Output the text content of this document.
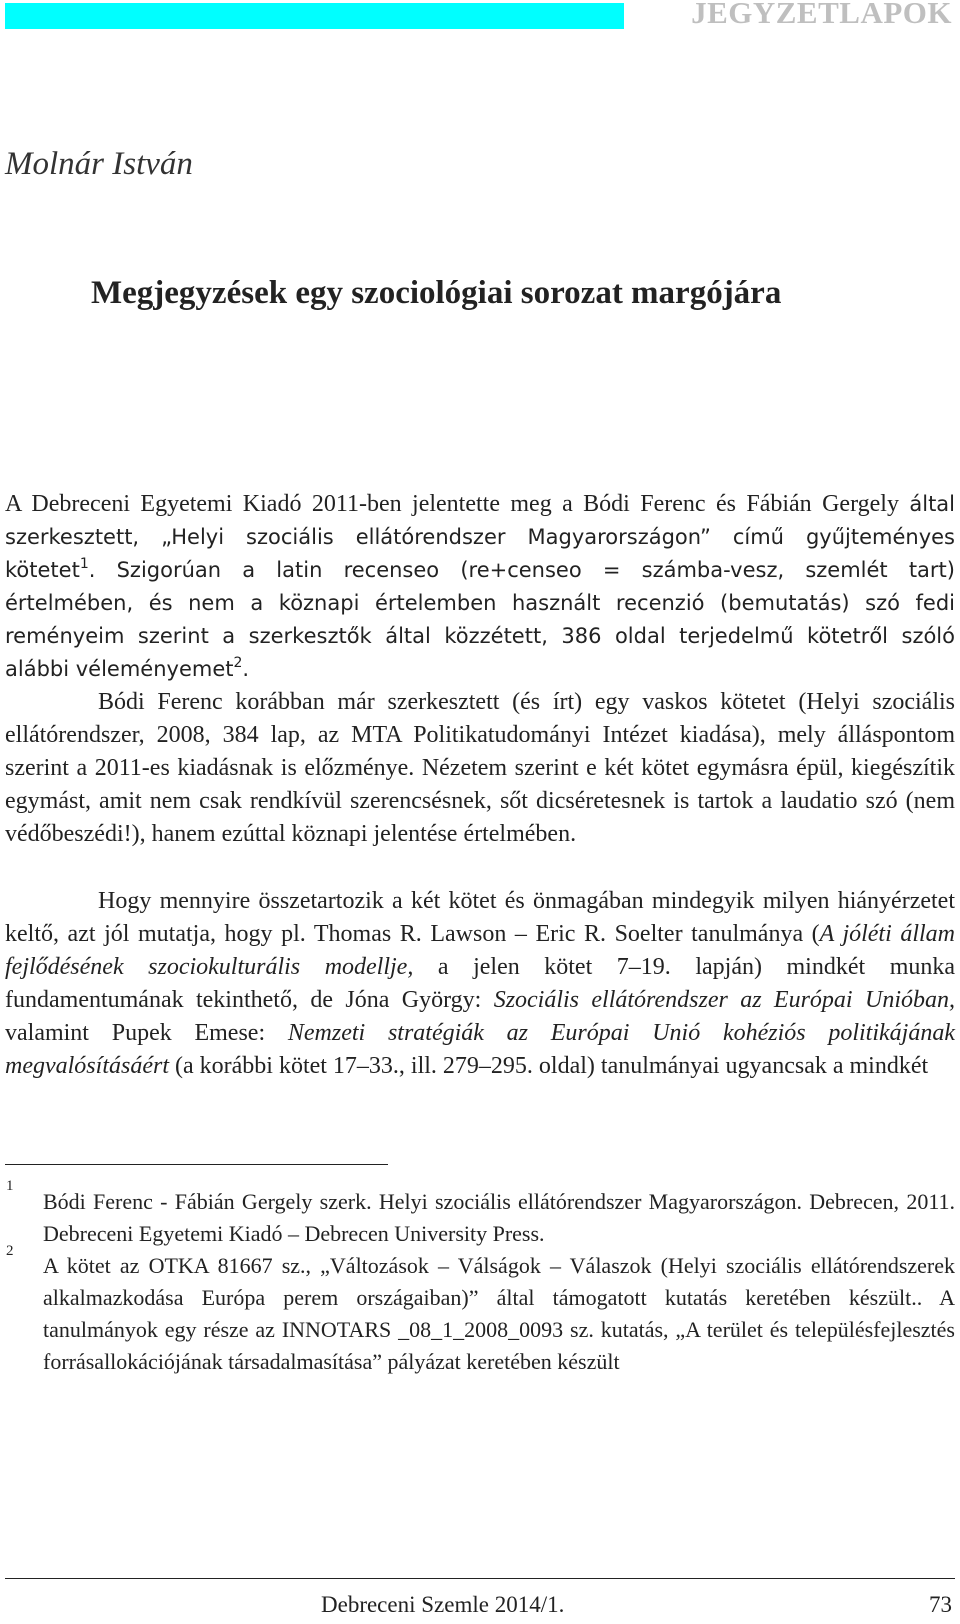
JEGYZETLAPOK
Molnár István
Megjegyzések egy szociológiai sorozat margójára

A Debreceni Egyetemi Kiadó 2011-ben jelentette meg a Bódi Ferenc és Fábián Gergely által szerkesztett, „Helyi szociális ellátórendszer Magyarországon” című gyűjteményes kötetet$^1$. Szigorúan a latin recenseo (re+censeo = számba-vesz, szemlét tart) értelmében, és nem a köznapi értelemben használt recenzió (bemutatás) szó fedi reményeim szerint a szerkesztők által közzétett, 386 oldal terjedelmű kötetről szóló alábbi véleményemet$^2$.

Bódi Ferenc korábban már szerkesztett (és írt) egy vaskos kötetet (Helyi szociális ellátórendszer, 2008, 384 lap, az MTA Politikatudományi Intézet kiadása), mely álláspontom szerint a 2011-es kiadásnak is előzménye. Nézetem szerint e két kötet egymásra épül, kiegészítik egymást, amit nem csak rendkívül szerencsésnek, sőt dicséretesnek is tartok a laudatio szó (nem védőbeszédi!), hanem ezúttal köznapi jelentése értelmében.

Hogy mennyire összetartozik a két kötet és önmagában mindegyik milyen hiányérzetet keltő, azt jól mutatja, hogy pl. Thomas R. Lawson – Eric R. Soelter tanulmánya (A jóléti állam fejlődésének szociokulturális modellje, a jelen kötet 7–19. lapján) mindkét munka fundamentumának tekinthető, de Jóna György: Szociális ellátórendszer az Európai Unióban, valamint Pupek Emese: Nemzeti stratégiák az Európai Unió kohéziós politikájának megvalósításáért (a korábbi kötet 17–33., ill. 279–295. oldal) tanulmányai ugyancsak a mindkét

1

Bódi Ferenc - Fábián Gergely szerk. Helyi szociális ellátórendszer Magyarországon. Debrecen, 2011. Debreceni Egyetemi Kiadó – Debrecen University Press.

2

A kötet az OTKA 81667 sz., „Változások – Válságok – Válaszok (Helyi szociális ellátórendszerek alkalmazkodása Európa perem országaiban)” által támogatott kutatás keretében készült.. A tanulmányok egy része az INNOTARS _08_1_2008_0093 sz. kutatás, „A terület és településfejlesztés forrásallokációjának társadalmasítása” pályázat keretében készült

Debreceni Szemle 2014/1.	73
